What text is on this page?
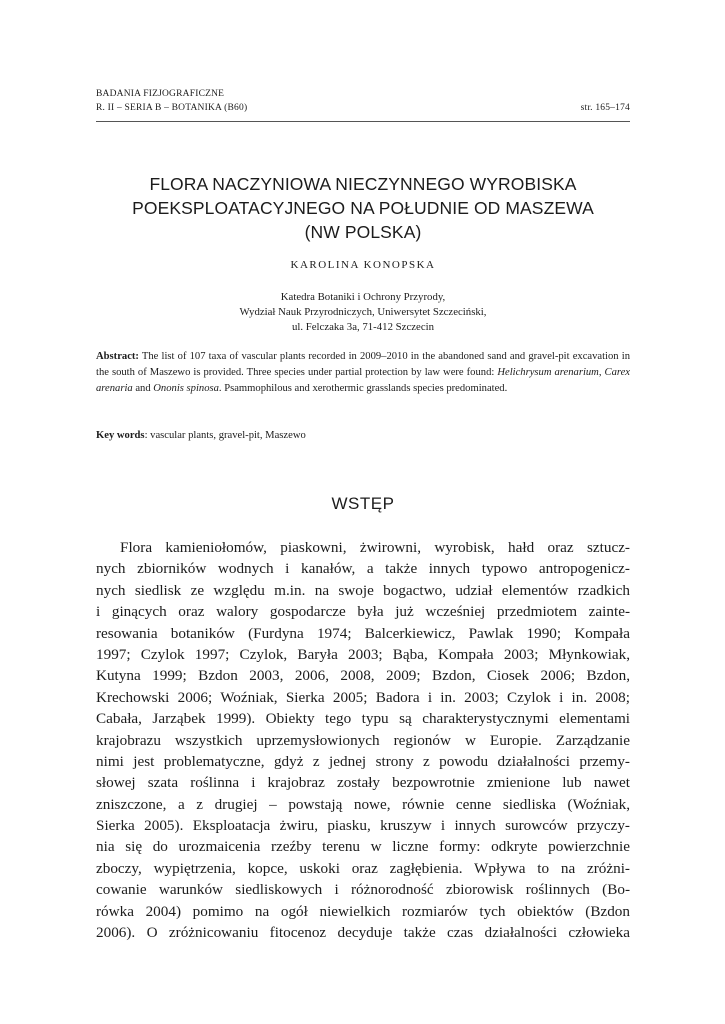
BADANIA FIZJOGRAFICZNE
R. II – SERIA B – BOTANIKA (B60)	str. 165–174
FLORA NACZYNIOWA NIECZYNNEGO WYROBISKA
POEKSPLOATACYJNEGO NA POŁUDNIE OD MASZEWA
(NW POLSKA)
KAROLINA KONOPSKA
Katedra Botaniki i Ochrony Przyrody,
Wydział Nauk Przyrodniczych, Uniwersytet Szczeciński,
ul. Felczaka 3a, 71-412 Szczecin
Abstract: The list of 107 taxa of vascular plants recorded in 2009–2010 in the abandoned sand and gravel-pit excavation in the south of Maszewo is provided. Three species under partial protection by law were found: Helichrysum arenarium, Carex arenaria and Ononis spinosa. Psammophilous and xerothermic grasslands species predominated.
Key words: vascular plants, gravel-pit, Maszewo
WSTĘP
Flora kamieniołomów, piaskowni, żwirowni, wyrobisk, hałd oraz sztucz-
nych zbiorników wodnych i kanałów, a także innych typowo antropogenicz-
nych siedlisk ze względu m.in. na swoje bogactwo, udział elementów rzadkich
i ginących oraz walory gospodarcze była już wcześniej przedmiotem zainte-
resowania botaników (Furdyna 1974; Balcerkiewicz, Pawlak 1990; Kompała
1997; Czylok 1997; Czylok, Baryła 2003; Bąba, Kompała 2003; Młynkowiak,
Kutyna 1999; Bzdon 2003, 2006, 2008, 2009; Bzdon, Ciosek 2006; Bzdon,
Krechowski 2006; Woźniak, Sierka 2005; Badora i in. 2003; Czylok i in. 2008;
Cabała, Jarząbek 1999). Obiekty tego typu są charakterystycznymi elementami
krajobrazu wszystkich uprzemysłowionych regionów w Europie. Zarządzanie
nimi jest problematyczne, gdyż z jednej strony z powodu działalności przemy-
słowej szata roślinna i krajobraz zostały bezpowrotnie zmienione lub nawet
zniszczone, a z drugiej – powstają nowe, równie cenne siedliska (Woźniak,
Sierka 2005). Eksploatacja żwiru, piasku, kruszyw i innych surowców przyczy-
nia się do urozmaicenia rzeźby terenu w liczne formy: odkryte powierzchnie
zboczy, wypiętrzenia, kopce, uskoki oraz zagłębienia. Wpływa to na zróżni-
cowanie warunków siedliskowych i różnorodność zbiorowisk roślinnych (Bo-
rówka 2004) pomimo na ogół niewielkich rozmiarów tych obiektów (Bzdon
2006). O zróżnicowaniu fitocenoz decyduje także czas działalności człowieka
